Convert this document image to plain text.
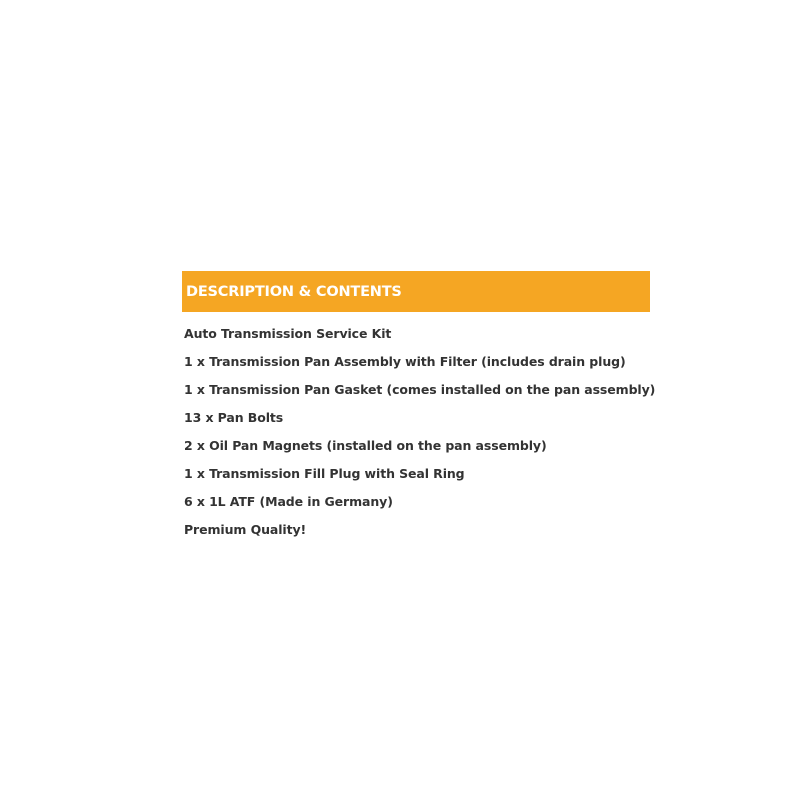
DESCRIPTION & CONTENTS
Auto Transmission Service Kit
1 x Transmission Pan Assembly with Filter (includes drain plug)
1 x Transmission Pan Gasket (comes installed on the pan assembly)
13 x Pan Bolts
2 x Oil Pan Magnets (installed on the pan assembly)
1 x Transmission Fill Plug with Seal Ring
6 x 1L ATF (Made in Germany)
Premium Quality!
